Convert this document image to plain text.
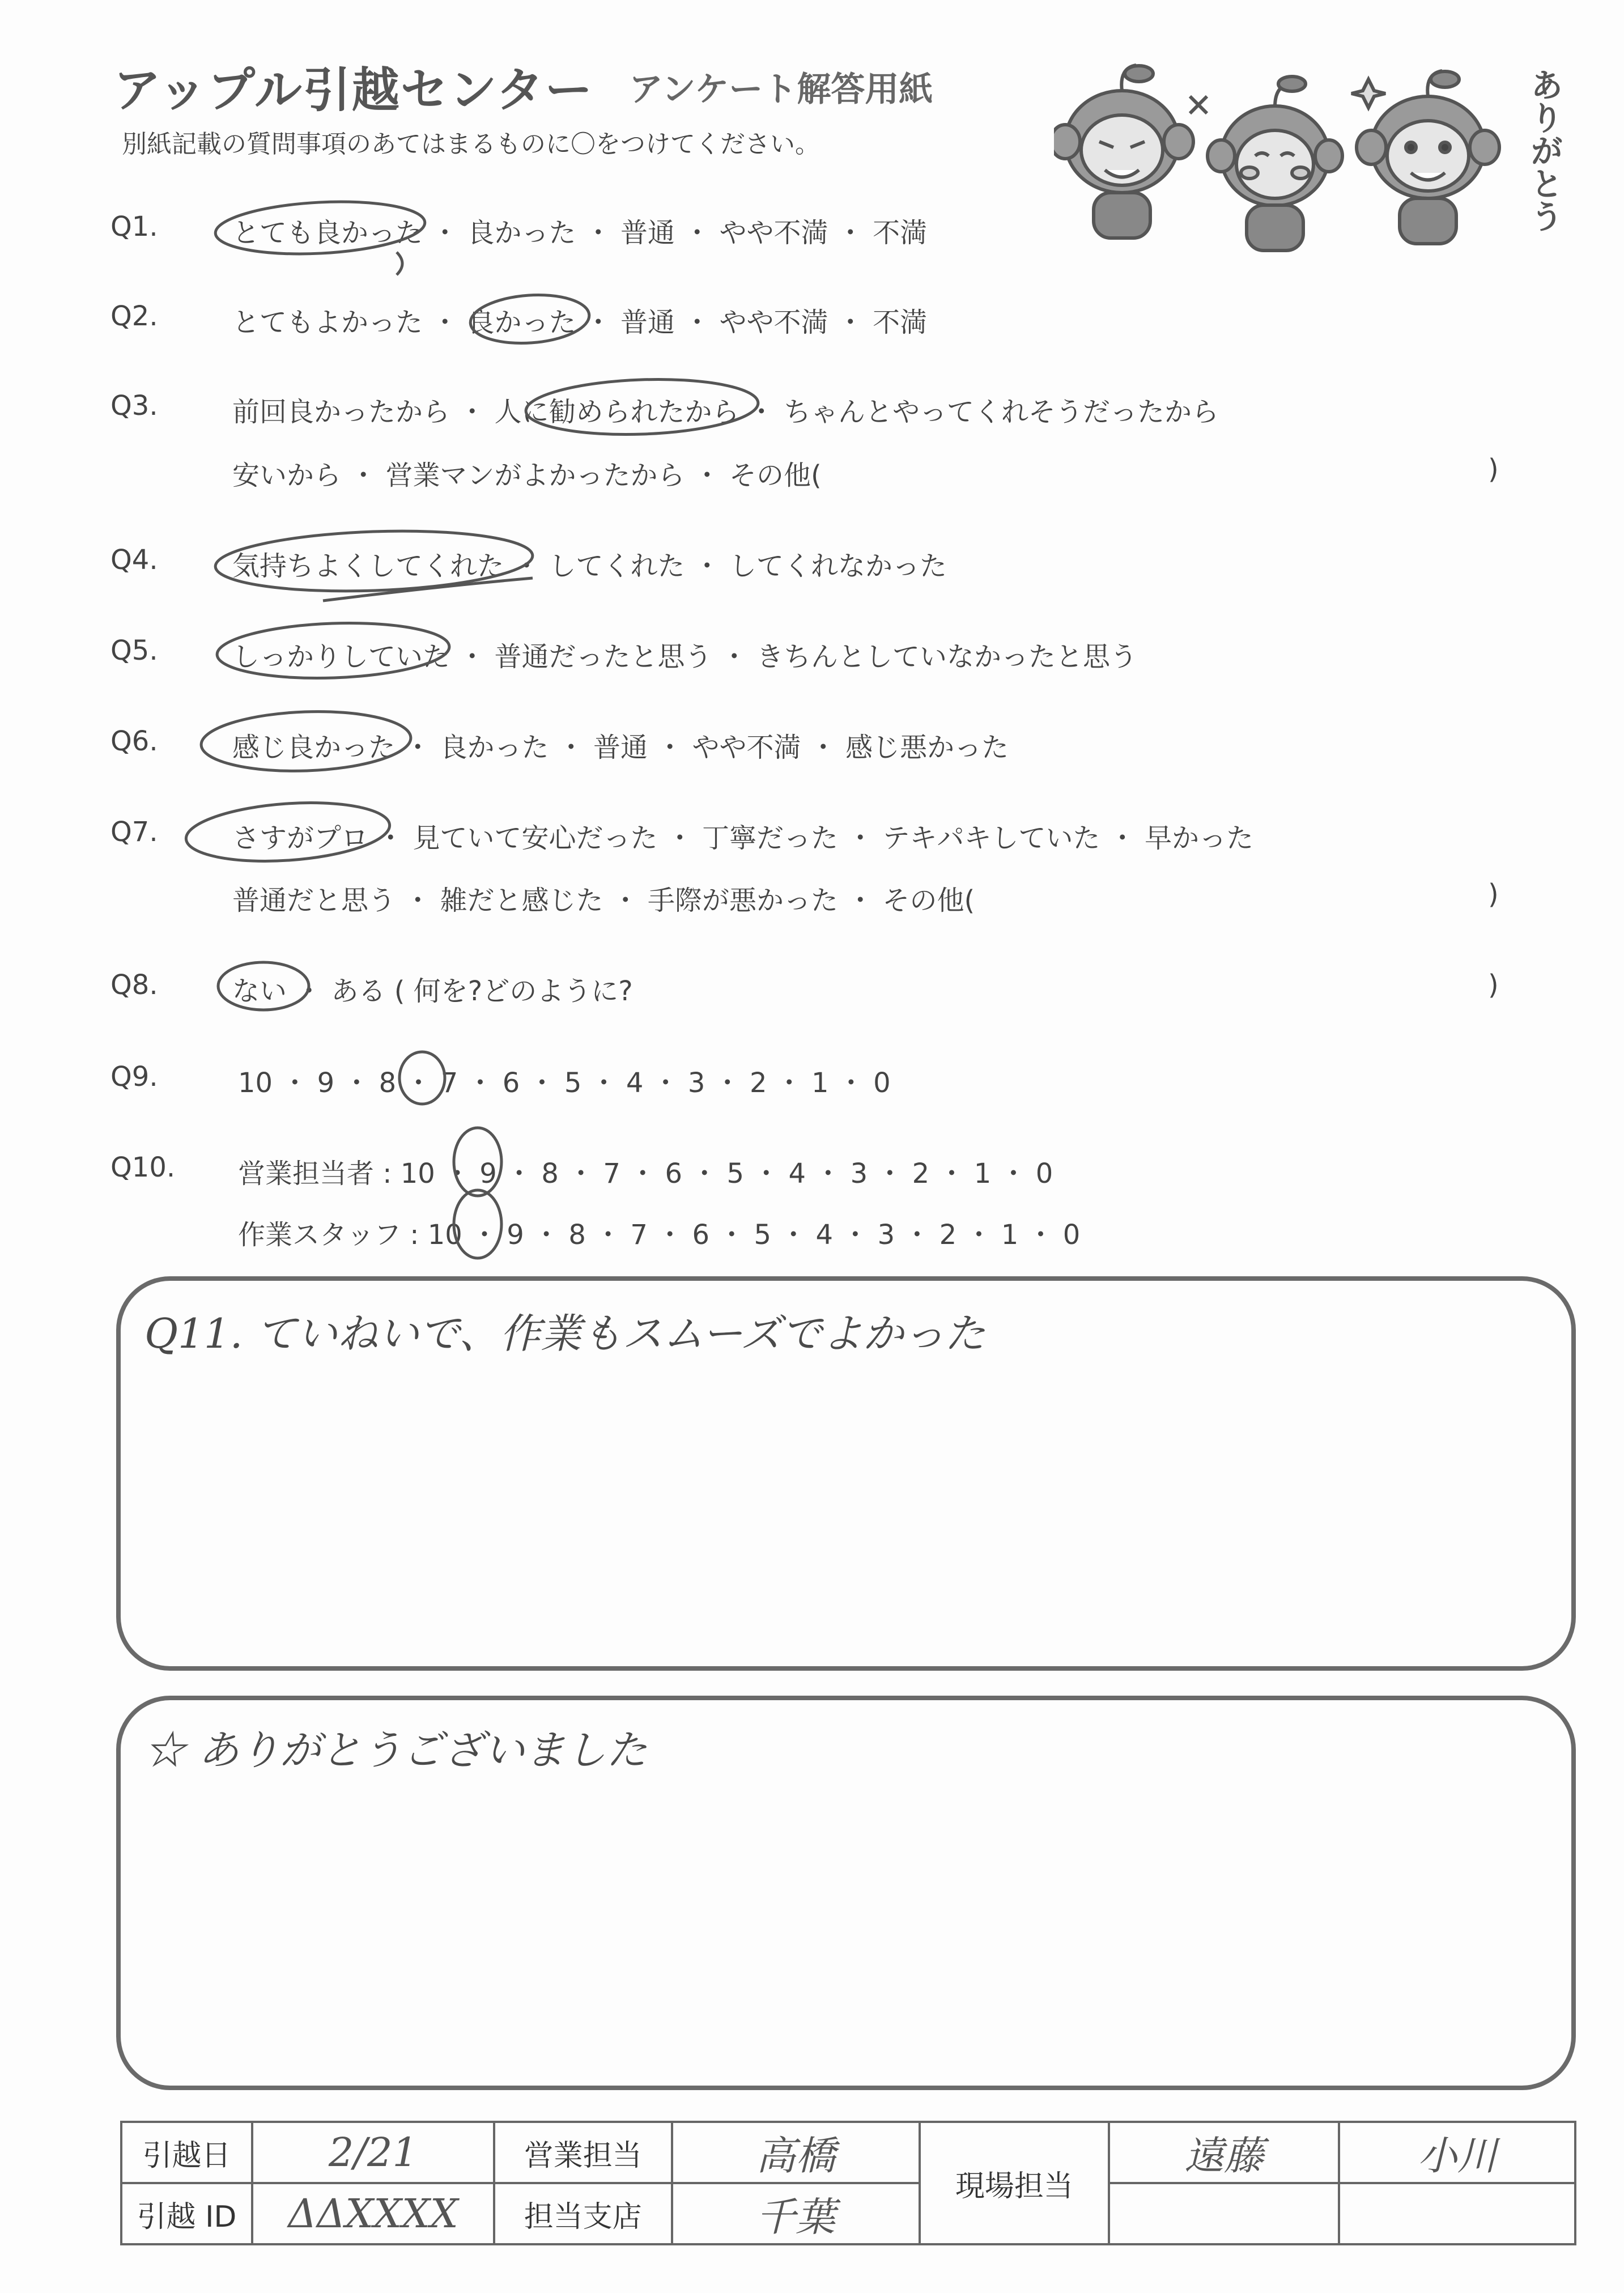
アップル引越センター アンケート解答用紙
別紙記載の質問事項のあてはまるものに〇をつけてください。	ありがとう
Q1.	とても良かった ・ 良かった ・ 普通 ・ やや不満 ・ 不満
Q2.	とてもよかった ・ 良かった ・ 普通 ・ やや不満 ・ 不満
Q3.	前回良かったから ・ 人に勧められたから ・ ちゃんとやってくれそうだったから
安いから ・ 営業マンがよかったから ・ その他(	)
Q4.	気持ちよくしてくれた ・ してくれた ・ してくれなかった
Q5.	しっかりしていた ・ 普通だったと思う ・ きちんとしていなかったと思う
Q6.	感じ良かった ・ 良かった ・ 普通 ・ やや不満 ・ 感じ悪かった
Q7.	さすがプロ ・ 見ていて安心だった ・ 丁寧だった ・ テキパキしていた ・ 早かった
普通だと思う ・ 雑だと感じた ・ 手際が悪かった ・ その他(	)
Q8.	ない ・ ある ( 何を?どのように?	)
Q9.	10 ・ 9 ・ 8 ・ 7 ・ 6 ・ 5 ・ 4 ・ 3 ・ 2 ・ 1 ・ 0
Q10. 営業担当者 : 10 ・ 9 ・ 8 ・ 7 ・ 6 ・ 5 ・ 4 ・ 3 ・ 2 ・ 1 ・ 0
作業スタッフ : 10 ・ 9 ・ 8 ・ 7 ・ 6 ・ 5 ・ 4 ・ 3 ・ 2 ・ 1 ・ 0
Q11. ていねいで、作業もスムーズでよかった
☆ ありがとうございました
引越日	2/21	営業担当	高橋	現場担当	遠藤	小川
引越 ID	ΔΔXXXX	担当支店	千葉			
